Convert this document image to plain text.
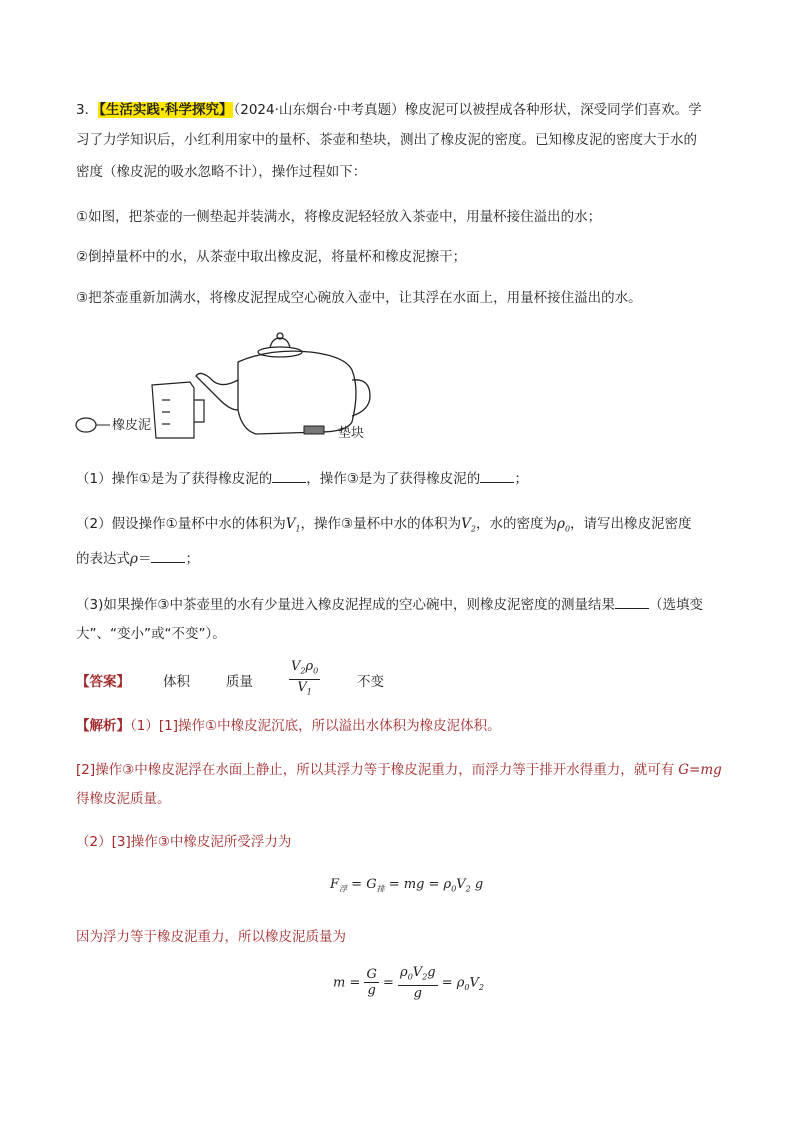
3．【生活实践·科学探究】（2024·山东烟台·中考真题）橡皮泥可以被捏成各种形状，深受同学们喜欢。学
习了力学知识后，小红利用家中的量杯、茶壶和垫块，测出了橡皮泥的密度。已知橡皮泥的密度大于水的
密度（橡皮泥的吸水忽略不计），操作过程如下：
①如图，把茶壶的一侧垫起并装满水，将橡皮泥轻轻放入茶壶中，用量杯接住溢出的水；
②倒掉量杯中的水，从茶壶中取出橡皮泥，将量杯和橡皮泥擦干；
③把茶壶重新加满水，将橡皮泥捏成空心碗放入壶中，让其浮在水面上，用量杯接住溢出的水。
橡皮泥
垫块
（1）操作①是为了获得橡皮泥的	，操作③是为了获得橡皮泥的	；
（2）假设操作①量杯中水的体积为$V_1$，操作③量杯中水的体积为$V_2$，水的密度为$\rho_0$，请写出橡皮泥密度
的表达式ρ＝	；
（3)如果操作③中茶壶里的水有少量进入橡皮泥捏成的空心碗中，则橡皮泥密度的测量结果	（选填变
大”、“变小”或“不变”）。
【答案】 体积	质量	$\frac{V_2\rho_0}{V_1}$	不变
【解析】（1）[1]操作①中橡皮泥沉底，所以溢出水体积为橡皮泥体积。
[2]操作③中橡皮泥浮在水面上静止，所以其浮力等于橡皮泥重力，而浮力等于排开水得重力，就可有 G=mg
得橡皮泥质量。
（2）[3]操作③中橡皮泥所受浮力为
$F_浮 = G_排$ = mg = $\rho_0V_2$ g
因为浮力等于橡皮泥重力，所以橡皮泥质量为
$m = \frac{G}{g} = \frac{\rho_0V_2g}{g} = \rho_0V_2$
